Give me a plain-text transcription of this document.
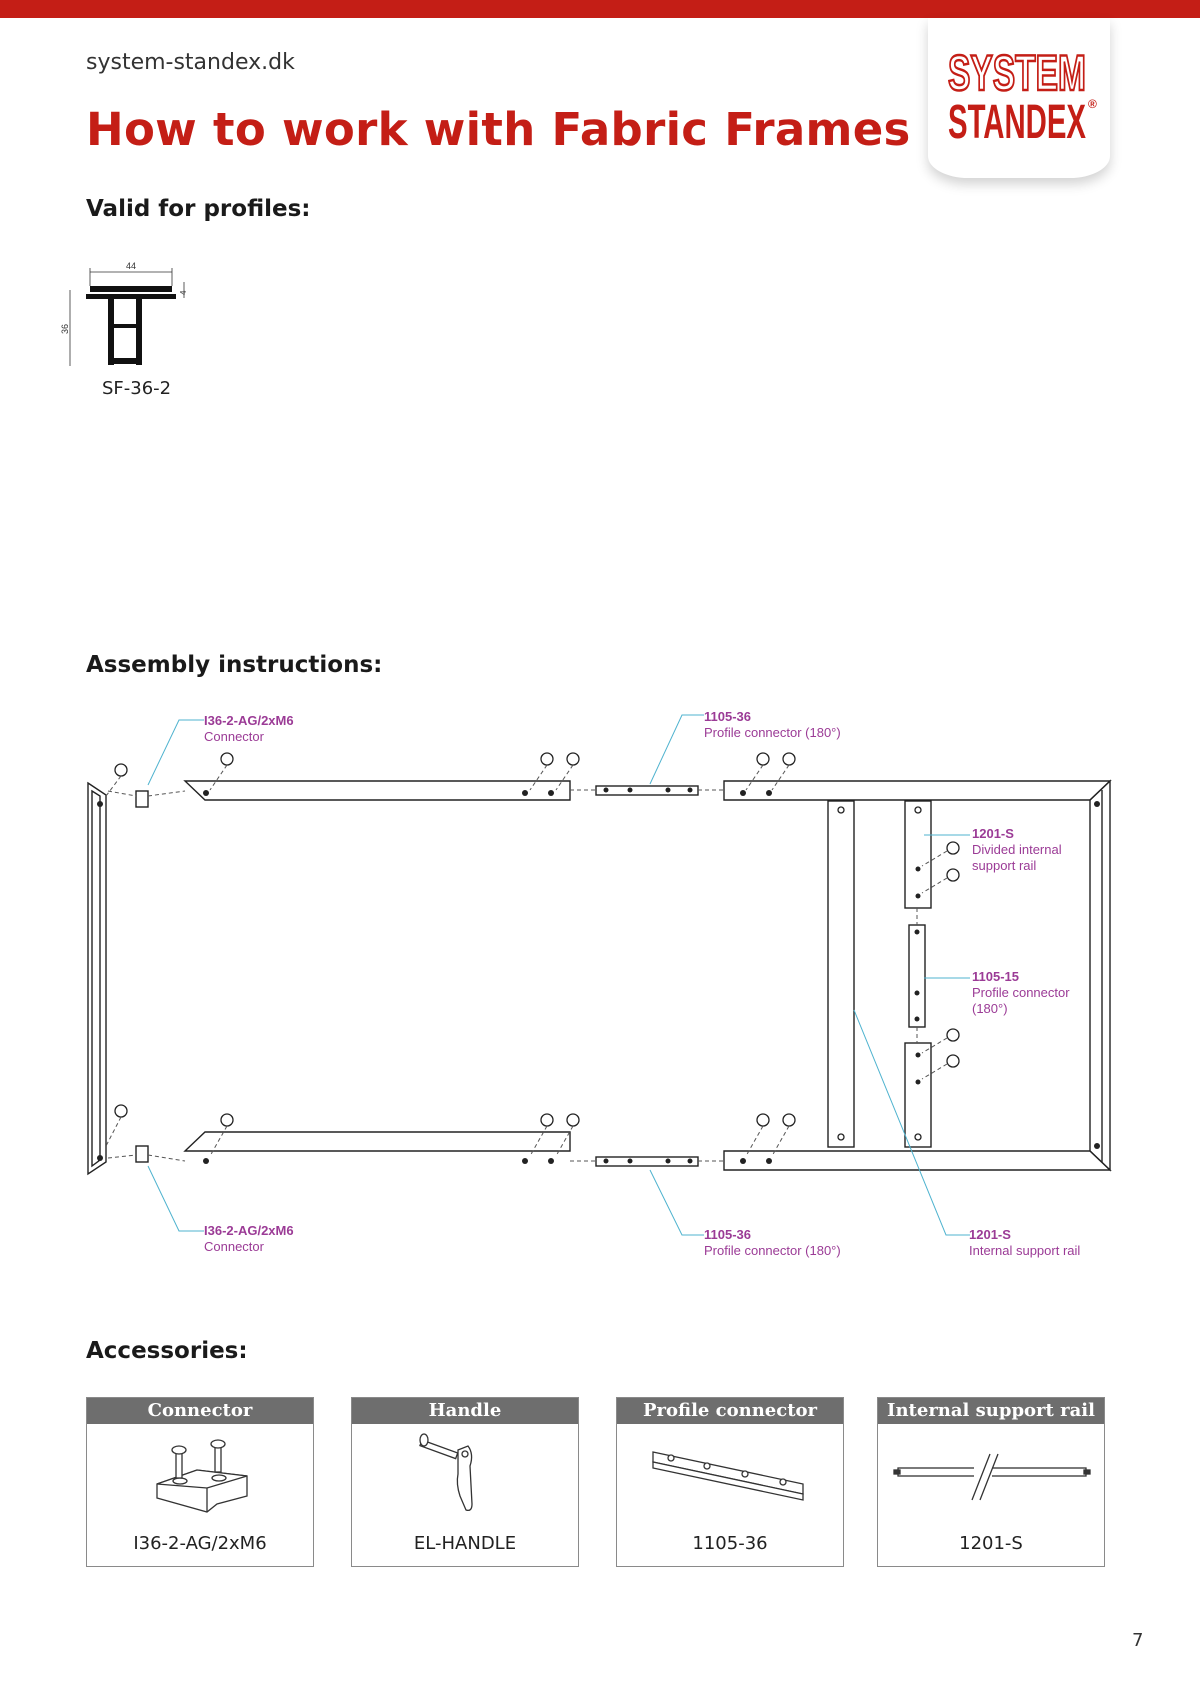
system-standex.dk
How to work with Fabric Frames
SYSTEM
STANDEX ®
Valid for profiles:
44
36
4
SF-36-2
Assembly instructions:
I36-2-AG/2xM6
Connector
1105-36
Profile connector (180°)
1201-S
Divided internal
support rail
1105-15
Profile connector
(180°)
I36-2-AG/2xM6
Connector
1105-36
Profile connector (180°)
1201-S
Internal support rail
Accessories:
Connector
I36-2-AG/2xM6
Handle
EL-HANDLE
Profile connector (180°)
1105-36
Internal support rail
1201-S
7
